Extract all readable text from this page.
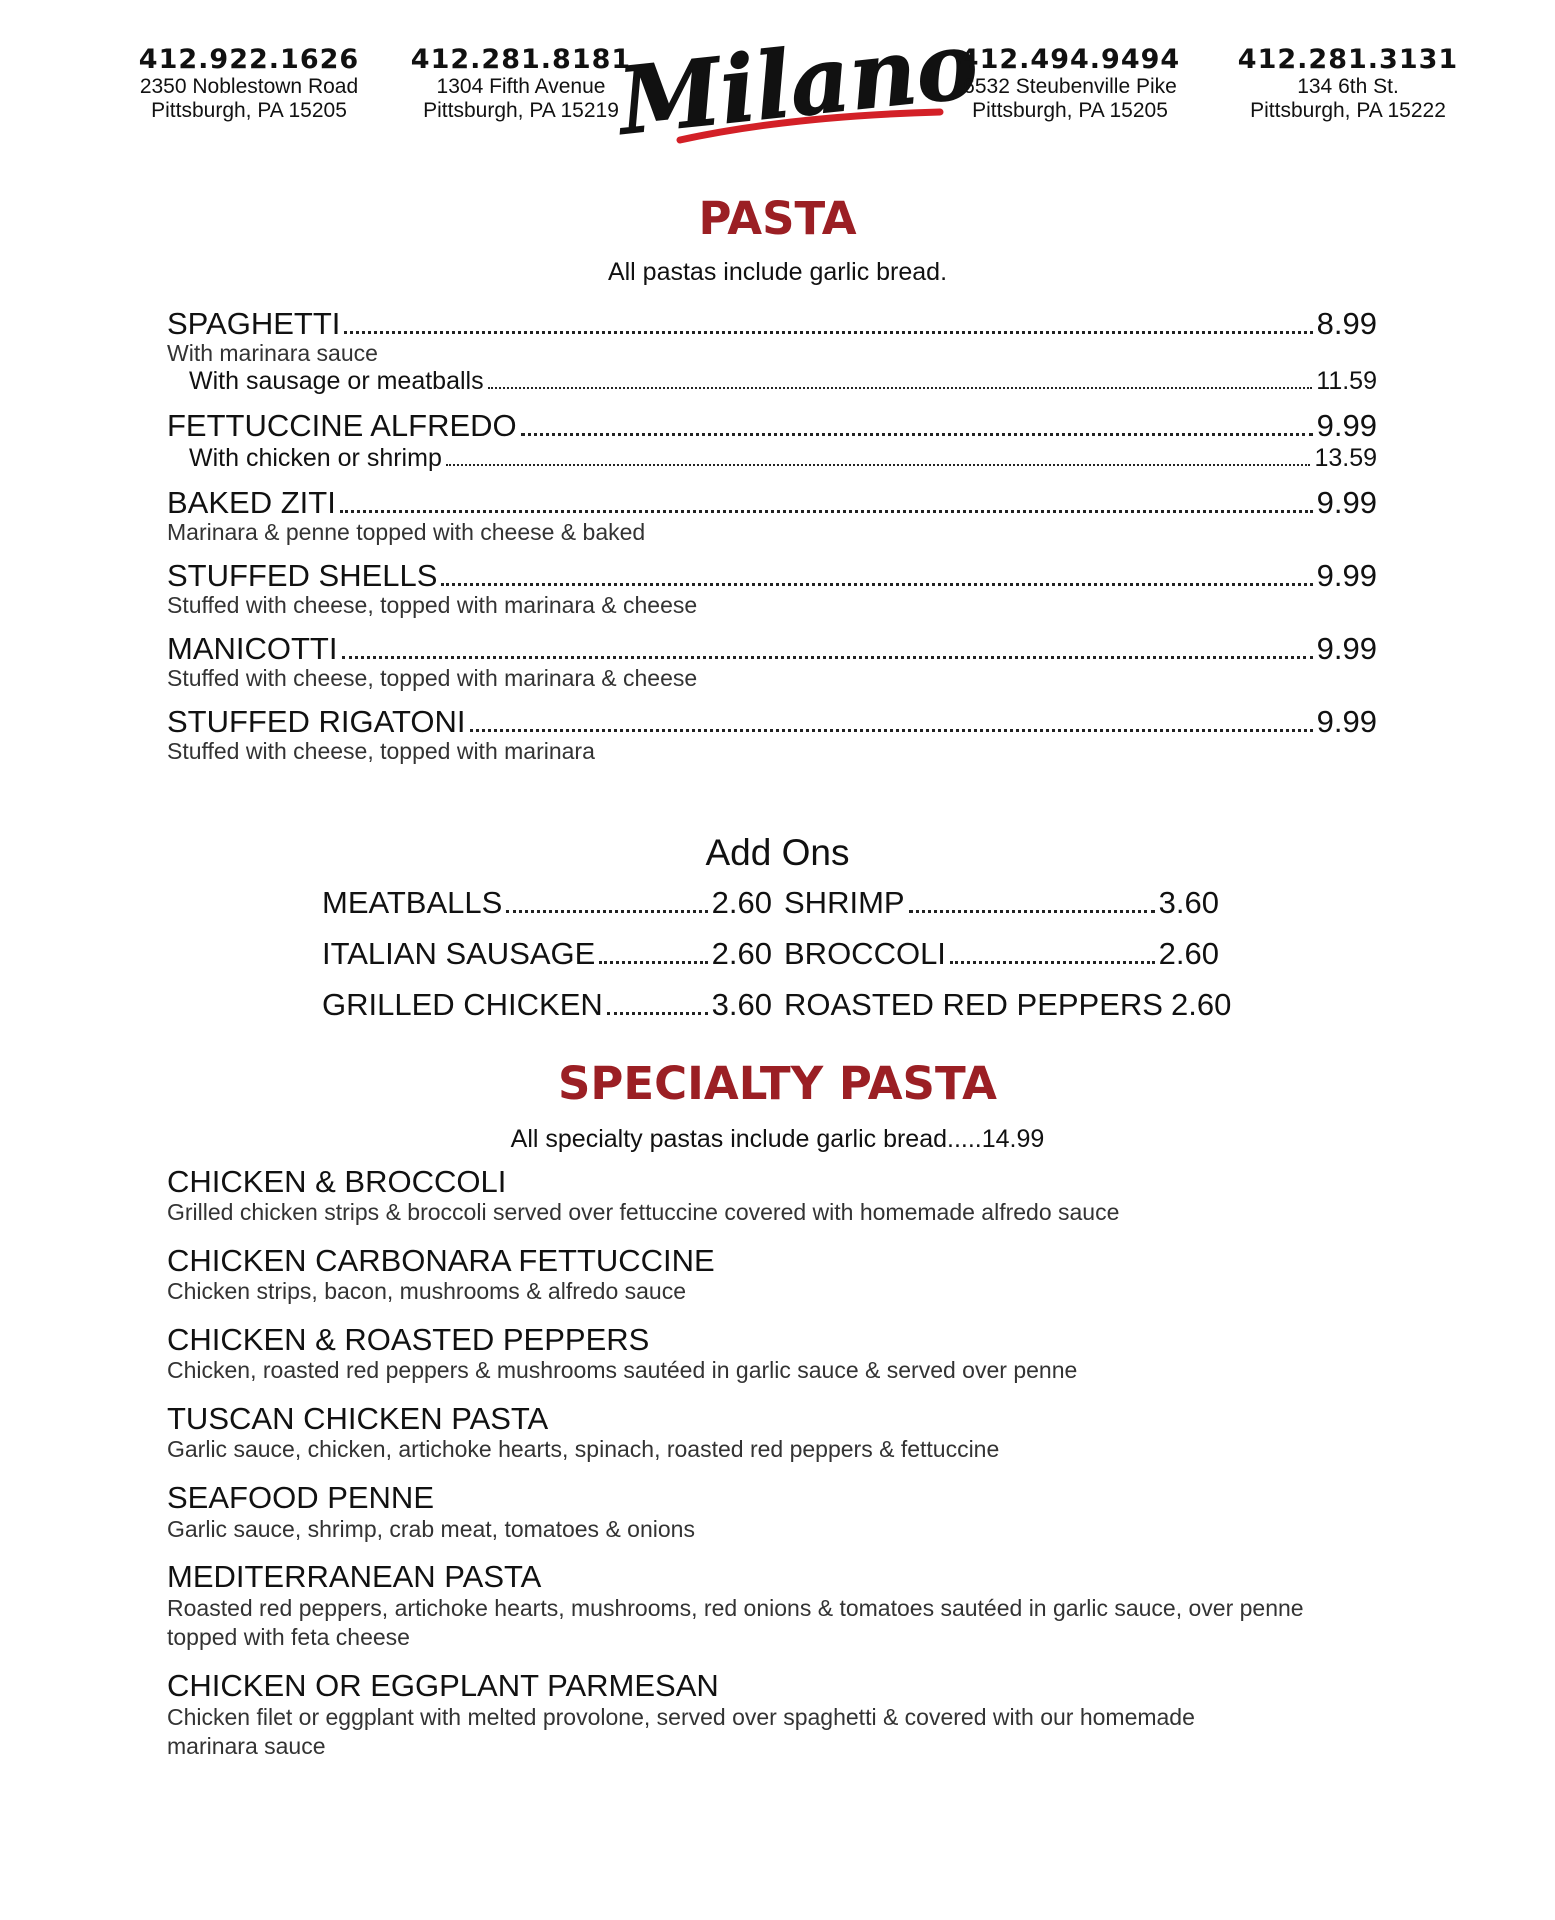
412.922.1626
2350 Noblestown Road
Pittsburgh, PA 15205
412.281.8181
1304 Fifth Avenue
Pittsburgh, PA 15219
Milano
412.494.9494
6532 Steubenville Pike
Pittsburgh, PA 15205
412.281.3131
134 6th St.
Pittsburgh, PA 15222
PASTA
All pastas include garlic bread.
SPAGHETTI	8.99
With marinara sauce
With sausage or meatballs	11.59
FETTUCCINE ALFREDO	9.99
With chicken or shrimp	13.59
BAKED ZITI	9.99
Marinara & penne topped with cheese & baked
STUFFED SHELLS	9.99
Stuffed with cheese, topped with marinara & cheese
MANICOTTI	9.99
Stuffed with cheese, topped with marinara & cheese
STUFFED RIGATONI	9.99
Stuffed with cheese, topped with marinara
Add Ons
MEATBALLS	2.60 SHRIMP	3.60
ITALIAN SAUSAGE	2.60 BROCCOLI	2.60
GRILLED CHICKEN	3.60 ROASTED RED PEPPERS 2.60
SPECIALTY PASTA
All specialty pastas include garlic bread.....14.99
CHICKEN & BROCCOLI
Grilled chicken strips & broccoli served over fettuccine covered with homemade alfredo sauce
CHICKEN CARBONARA FETTUCCINE
Chicken strips, bacon, mushrooms & alfredo sauce
CHICKEN & ROASTED PEPPERS
Chicken, roasted red peppers & mushrooms sautéed in garlic sauce & served over penne
TUSCAN CHICKEN PASTA
Garlic sauce, chicken, artichoke hearts, spinach, roasted red peppers & fettuccine
SEAFOOD PENNE
Garlic sauce, shrimp, crab meat, tomatoes & onions
MEDITERRANEAN PASTA
Roasted red peppers, artichoke hearts, mushrooms, red onions & tomatoes sautéed in garlic sauce, over penne topped with feta cheese
CHICKEN OR EGGPLANT PARMESAN
Chicken filet or eggplant with melted provolone, served over spaghetti & covered with our homemade marinara sauce
